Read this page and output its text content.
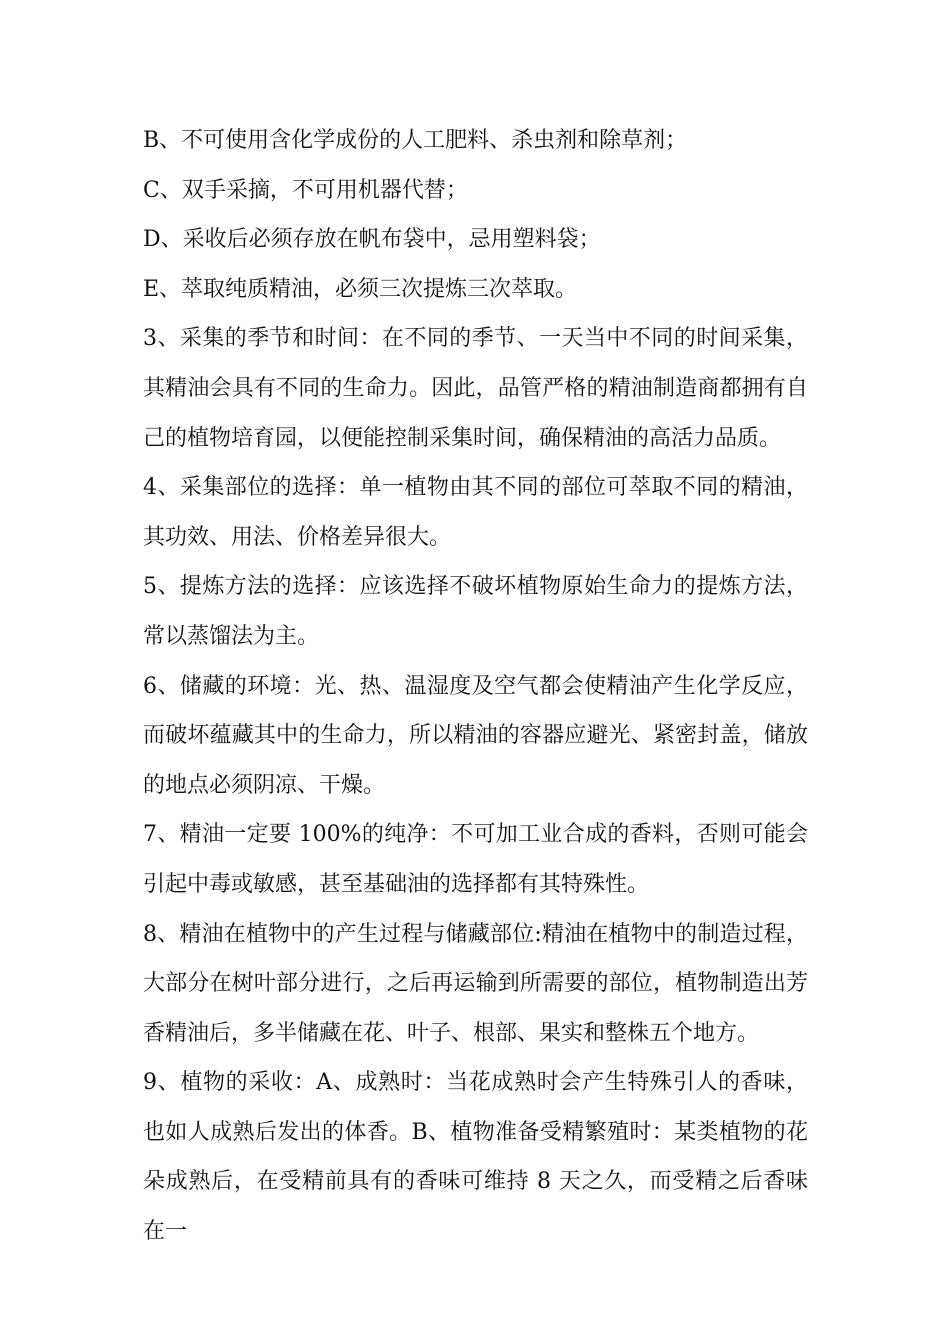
B、不可使用含化学成份的人工肥料、杀虫剂和除草剂；

C、双手采摘，不可用机器代替；

D、采收后必须存放在帆布袋中，忌用塑料袋；

E、萃取纯质精油，必须三次提炼三次萃取。

3、采集的季节和时间：在不同的季节、一天当中不同的时间采集，其精油会具有不同的生命力。因此，品管严格的精油制造商都拥有自己的植物培育园，以便能控制采集时间，确保精油的高活力品质。

4、采集部位的选择：单一植物由其不同的部位可萃取不同的精油，其功效、用法、价格差异很大。

5、提炼方法的选择：应该选择不破坏植物原始生命力的提炼方法，常以蒸馏法为主。

6、储藏的环境：光、热、温湿度及空气都会使精油产生化学反应，而破坏蕴藏其中的生命力，所以精油的容器应避光、紧密封盖，储放的地点必须阴凉、干燥。

7、精油一定要 100%的纯净：不可加工业合成的香料，否则可能会引起中毒或敏感，甚至基础油的选择都有其特殊性。

8、精油在植物中的产生过程与储藏部位:精油在植物中的制造过程，大部分在树叶部分进行，之后再运输到所需要的部位，植物制造出芳香精油后，多半储藏在花、叶子、根部、果实和整株五个地方。

9、植物的采收：A、成熟时：当花成熟时会产生特殊引人的香味，也如人成熟后发出的体香。B、植物准备受精繁殖时：某类植物的花朵成熟后，在受精前具有的香味可维持 8 天之久，而受精之后香味在一
